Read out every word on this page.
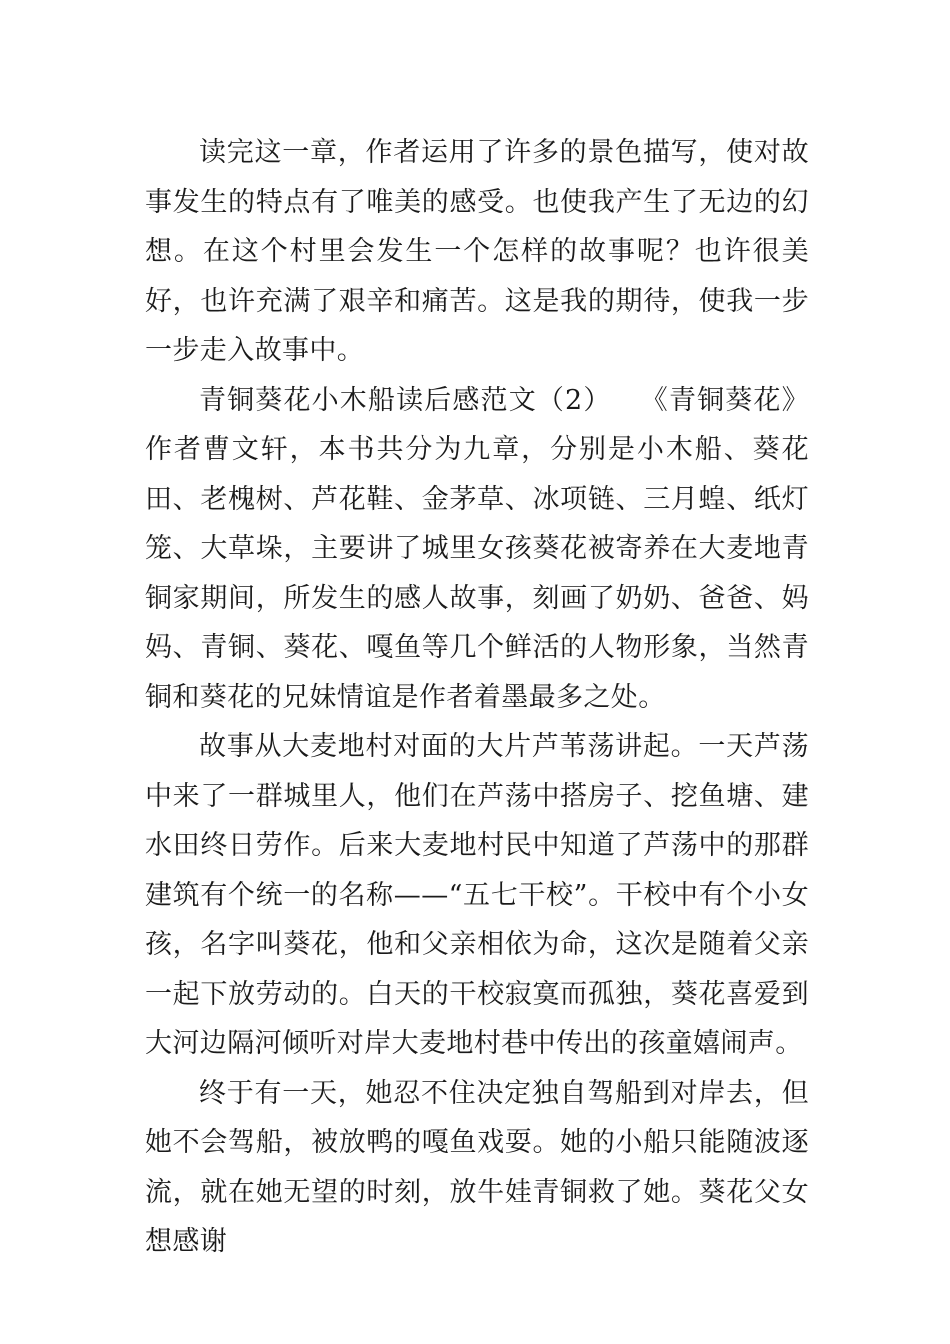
读完这一章，作者运用了许多的景色描写，使对故事发生的特点有了唯美的感受。也使我产生了无边的幻想。在这个村里会发生一个怎样的故事呢？也许很美好，也许充满了艰辛和痛苦。这是我的期待，使我一步一步走入故事中。

青铜葵花小木船读后感范文（2）　　《青铜葵花》作者曹文轩，本书共分为九章，分别是小木船、葵花田、老槐树、芦花鞋、金茅草、冰项链、三月蝗、纸灯笼、大草垛，主要讲了城里女孩葵花被寄养在大麦地青铜家期间，所发生的感人故事，刻画了奶奶、爸爸、妈妈、青铜、葵花、嘎鱼等几个鲜活的人物形象，当然青铜和葵花的兄妹情谊是作者着墨最多之处。

故事从大麦地村对面的大片芦苇荡讲起。一天芦荡中来了一群城里人，他们在芦荡中搭房子、挖鱼塘、建水田终日劳作。后来大麦地村民中知道了芦荡中的那群建筑有个统一的名称——“五七干校”。干校中有个小女孩，名字叫葵花，他和父亲相依为命，这次是随着父亲一起下放劳动的。白天的干校寂寞而孤独，葵花喜爱到大河边隔河倾听对岸大麦地村巷中传出的孩童嬉闹声。

终于有一天，她忍不住决定独自驾船到对岸去，但她不会驾船，被放鸭的嘎鱼戏耍。她的小船只能随波逐流，就在她无望的时刻，放牛娃青铜救了她。葵花父女想感谢
